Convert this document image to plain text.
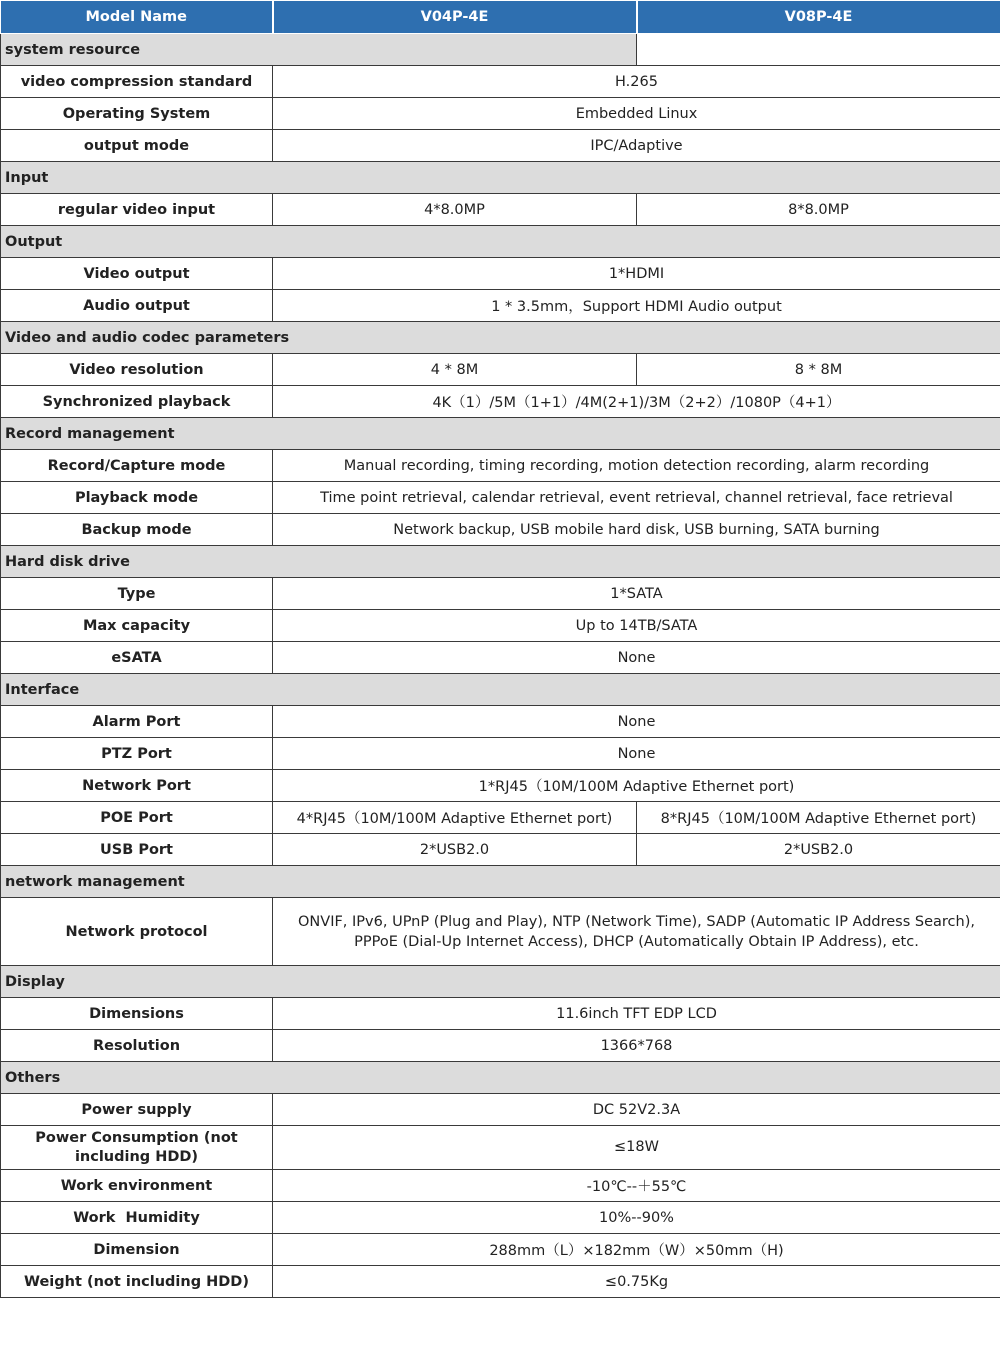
Model Name	V04P-4E	V08P-4E
system resource		
video compression standard	H.265	
Operating System	Embedded Linux	
output mode	IPC/Adaptive	
Input		
regular video input	4*8.0MP	8*8.0MP
Output		
Video output	1*HDMI	
Audio output	1 * 3.5mm，Support HDMI Audio output	
Video and audio codec parameters		
Video resolution	4 * 8M	8 * 8M
Synchronized playback	4K（1）/5M（1+1）/4M(2+1)/3M（2+2）/1080P（4+1）	
Record management		
Record/Capture mode	Manual recording, timing recording, motion detection recording, alarm recording	
Playback mode	Time point retrieval, calendar retrieval, event retrieval, channel retrieval, face retrieval	
Backup mode	Network backup, USB mobile hard disk, USB burning, SATA burning	
Hard disk drive		
Type	1*SATA	
Max capacity	Up to 14TB/SATA	
eSATA	None	
Interface		
Alarm Port	None	
PTZ Port	None	
Network Port	1*RJ45（10M/100M Adaptive Ethernet port)	
POE Port	4*RJ45（10M/100M Adaptive Ethernet port)	8*RJ45（10M/100M Adaptive Ethernet port)
USB Port	2*USB2.0	2*USB2.0
network management		
Network protocol	ONVIF, IPv6, UPnP (Plug and Play), NTP (Network Time), SADP (Automatic IP Address Search), PPPoE (Dial-Up Internet Access), DHCP (Automatically Obtain IP Address), etc.	
Display		
Dimensions	11.6inch TFT EDP LCD	
Resolution	1366*768	
Others		
Power supply	DC 52V2.3A	
Power Consumption (not including HDD)	≤18W	
Work environment	-10℃--＋55℃	
Work  Humidity	10%--90%	
Dimension	288mm（L）×182mm（W）×50mm（H)	
Weight (not including HDD)	≤0.75Kg	
